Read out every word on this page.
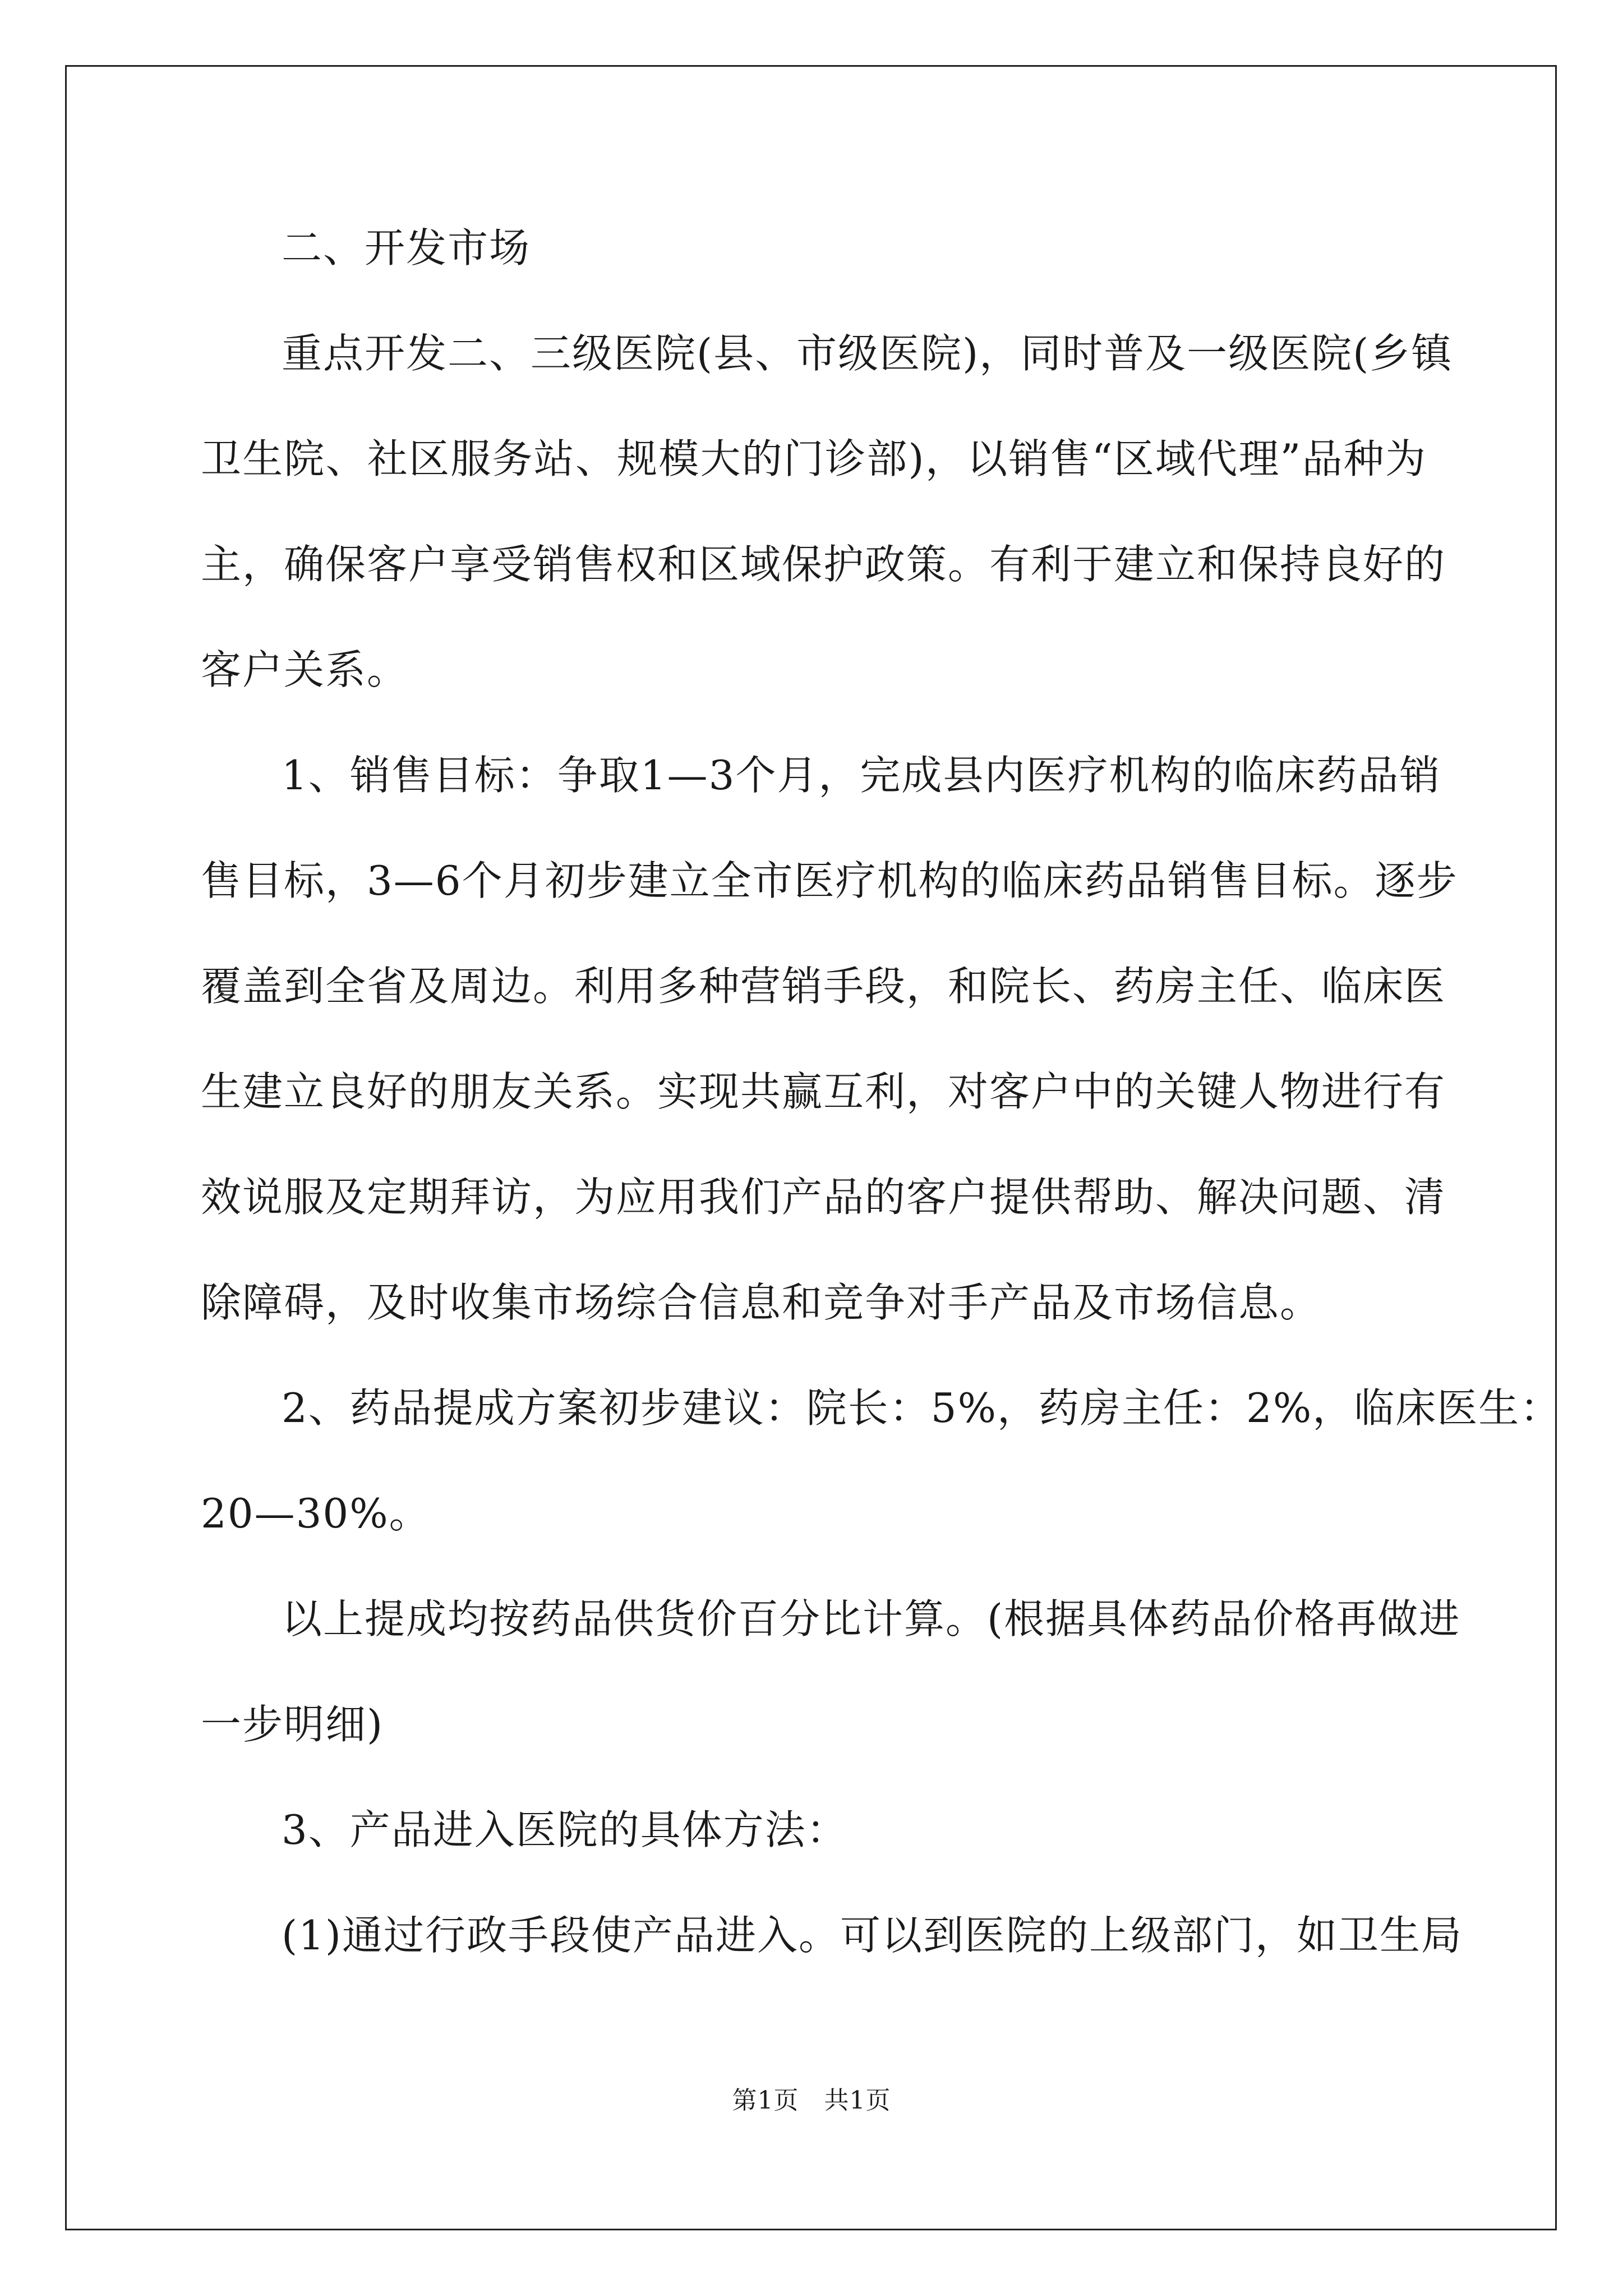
二、开发市场
重点开发二、三级医院(县、市级医院)，同时普及一级医院(乡镇
卫生院、社区服务站、规模大的门诊部)，以销售“区域代理”品种为
主，确保客户享受销售权和区域保护政策。有利于建立和保持良好的
客户关系。
1、销售目标：争取1—3个月，完成县内医疗机构的临床药品销
售目标，3—6个月初步建立全市医疗机构的临床药品销售目标。逐步
覆盖到全省及周边。利用多种营销手段，和院长、药房主任、临床医
生建立良好的朋友关系。实现共赢互利，对客户中的关键人物进行有
效说服及定期拜访，为应用我们产品的客户提供帮助、解决问题、清
除障碍，及时收集市场综合信息和竞争对手产品及市场信息。
2、药品提成方案初步建议：院长：5%，药房主任：2%，临床医生：
20—30%。
以上提成均按药品供货价百分比计算。(根据具体药品价格再做进
一步明细)
3、产品进入医院的具体方法：
(1)通过行政手段使产品进入。可以到医院的上级部门，如卫生局
第1页　共1页
